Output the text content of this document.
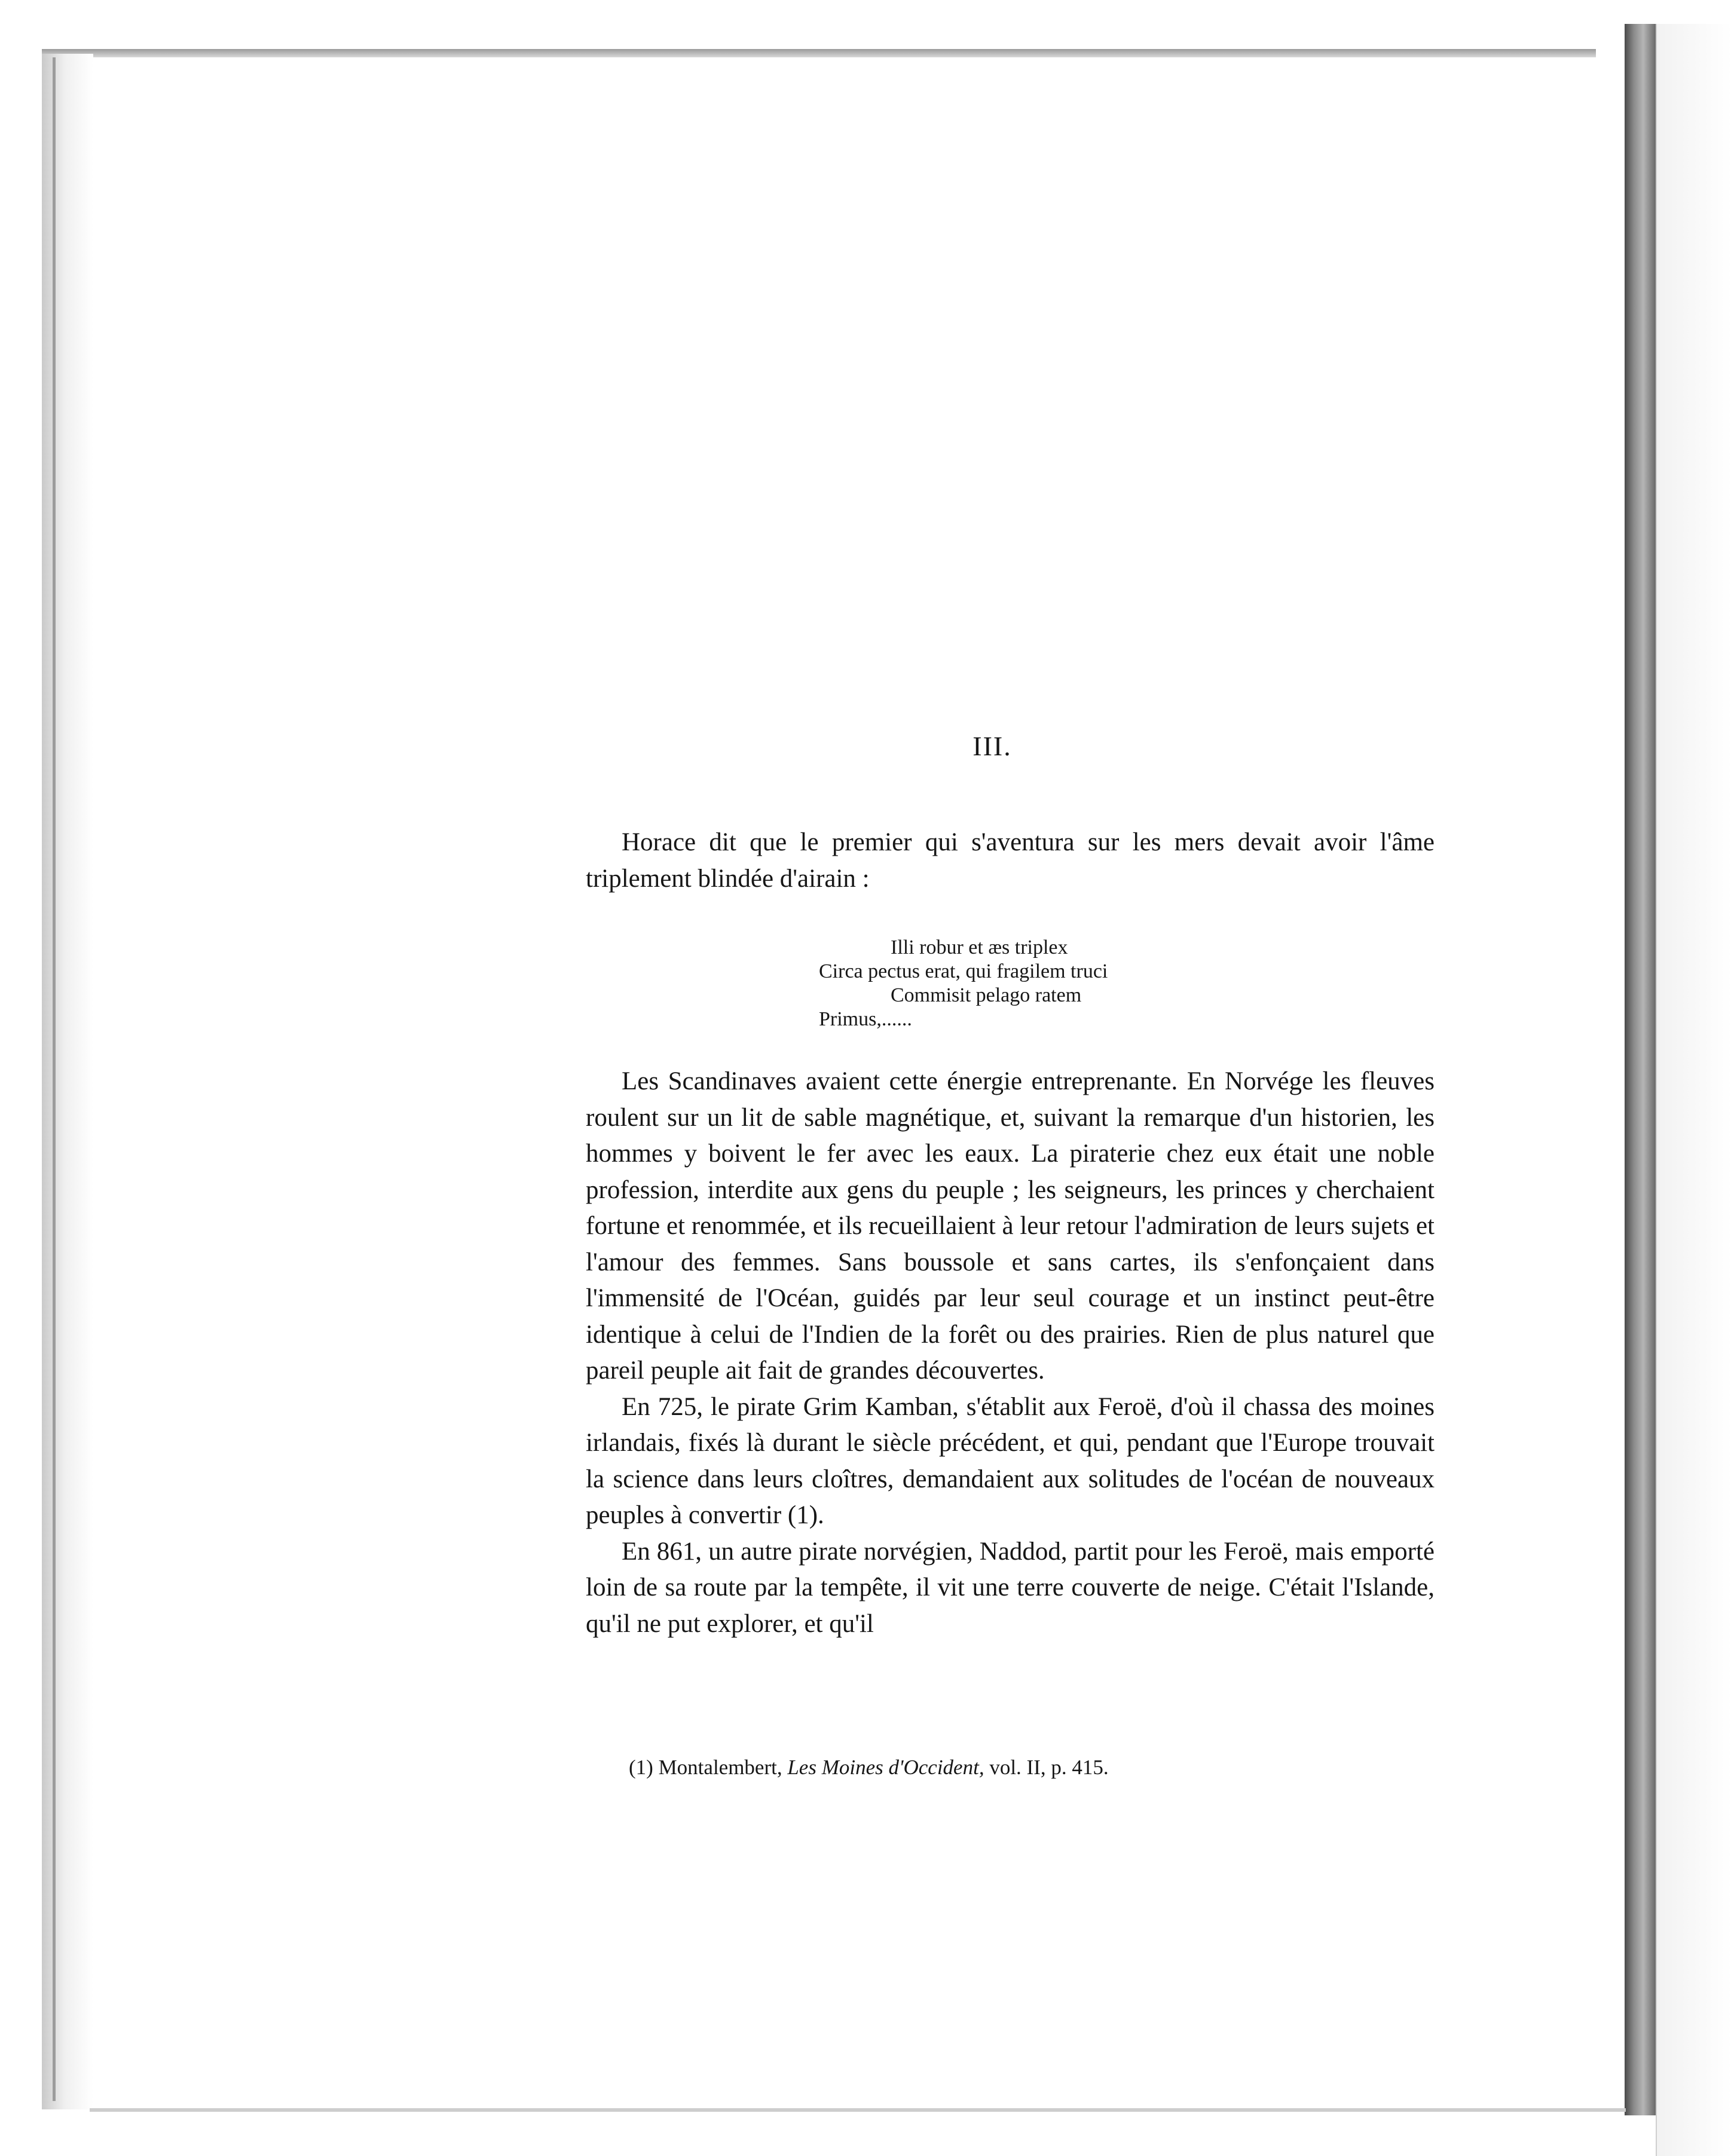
III.

Horace dit que le premier qui s'aventura sur les mers devait avoir l'âme triplement blindée d'airain :

Illi robur et æs triplex
Circa pectus erat, qui fragilem truci
Commisit pelago ratem
Primus,......

Les Scandinaves avaient cette énergie entreprenante. En Norvége les fleuves roulent sur un lit de sable magnétique, et, suivant la remarque d'un historien, les hommes y boivent le fer avec les eaux. La piraterie chez eux était une noble profession, interdite aux gens du peuple ; les seigneurs, les princes y cherchaient fortune et renommée, et ils recueillaient à leur retour l'admiration de leurs sujets et l'amour des femmes. Sans boussole et sans cartes, ils s'enfonçaient dans l'immensité de l'Océan, guidés par leur seul courage et un instinct peut-être identique à celui de l'Indien de la forêt ou des prairies. Rien de plus naturel que pareil peuple ait fait de grandes découvertes.

En 725, le pirate Grim Kamban, s'établit aux Feroë, d'où il chassa des moines irlandais, fixés là durant le siècle précédent, et qui, pendant que l'Europe trouvait la science dans leurs cloîtres, demandaient aux solitudes de l'océan de nouveaux peuples à convertir (1).

En 861, un autre pirate norvégien, Naddod, partit pour les Feroë, mais emporté loin de sa route par la tempête, il vit une terre couverte de neige. C'était l'Islande, qu'il ne put explorer, et qu'il

(1) Montalembert, Les Moines d'Occident, vol. II, p. 415.
